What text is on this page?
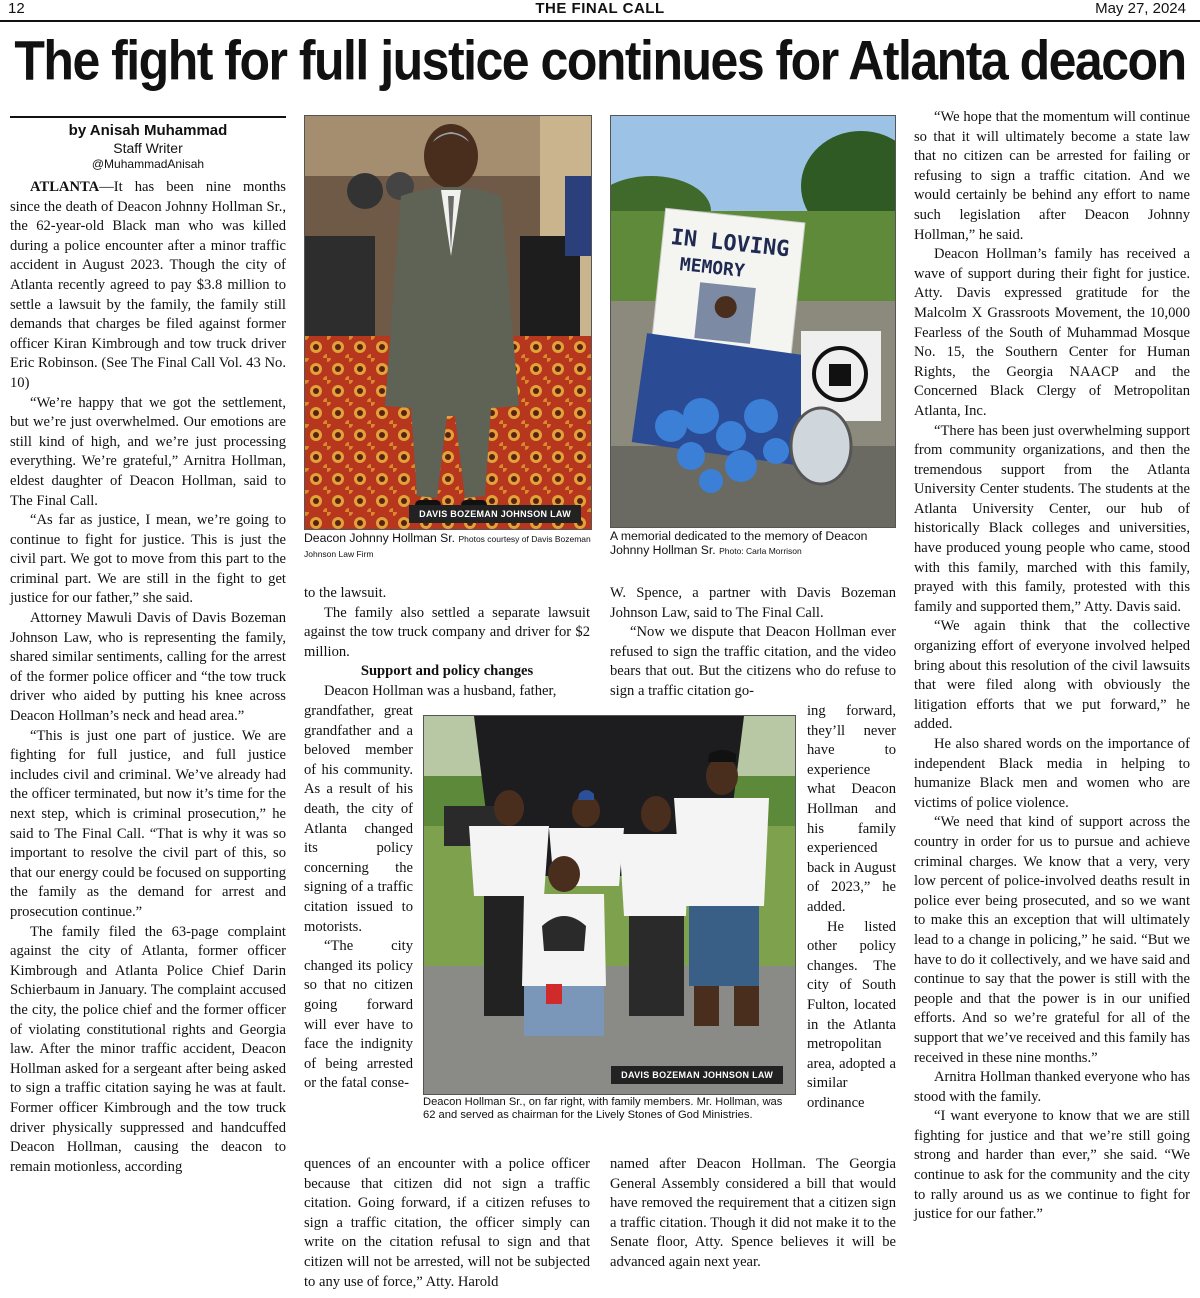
12	THE FINAL CALL	May 27, 2024
The fight for full justice continues for Atlanta deacon
by Anisah Muhammad
Staff Writer
@MuhammadAnisah

ATLANTA—It has been nine months since the death of Deacon Johnny Hollman Sr., the 62-year-old Black man who was killed during a police encounter after a minor traffic accident in August 2023. Though the city of Atlanta recently agreed to pay $3.8 million to settle a lawsuit by the family, the family still demands that charges be filed against former officer Kiran Kimbrough and tow truck driver Eric Robinson. (See The Final Call Vol. 43 No. 10)

“We’re happy that we got the settlement, but we’re just overwhelmed. Our emotions are still kind of high, and we’re just processing everything. We’re grateful,” Arnitra Hollman, eldest daughter of Deacon Hollman, said to The Final Call.

“As far as justice, I mean, we’re going to continue to fight for justice. This is just the civil part. We got to move from this part to the criminal part. We are still in the fight to get justice for our father,” she said.

Attorney Mawuli Davis of Davis Bozeman Johnson Law, who is representing the family, shared similar sentiments, calling for the arrest of the former police officer and “the tow truck driver who aided by putting his knee across Deacon Hollman’s neck and head area.”

“This is just one part of justice. We are fighting for full justice, and full justice includes civil and criminal. We’ve already had the officer terminated, but now it’s time for the next step, which is criminal prosecution,” he said to The Final Call. “That is why it was so important to resolve the civil part of this, so that our energy could be focused on supporting the family as the demand for arrest and prosecution continue.”

The family filed the 63-page complaint against the city of Atlanta, former officer Kimbrough and Atlanta Police Chief Darin Schierbaum in January. The complaint accused the city, the police chief and the former officer of violating constitutional rights and Georgia law. After the minor traffic accident, Deacon Hollman asked for a sergeant after being asked to sign a traffic citation saying he was at fault. Former officer Kimbrough and the tow truck driver physically suppressed and handcuffed Deacon Hollman, causing the deacon to remain motionless, according

DAVIS BOZEMAN JOHNSON LAW
Deacon Johnny Hollman Sr. Photos courtesy of Davis Bozeman Johnson Law Firm
IN LOVING
MEMORY
A memorial dedicated to the memory of Deacon Johnny Hollman Sr. Photo: Carla Morrison

to the lawsuit.

The family also settled a separate lawsuit against the tow truck company and driver for $2 million.

Support and policy changes

Deacon Hollman was a husband, father,

grandfather, great grandfather and a beloved member of his community. As a result of his death, the city of Atlanta changed its policy concerning the signing of a traffic citation issued to motorists.

“The city changed its policy so that no citizen going forward will ever have to face the indignity of being arrested or the fatal conse-

W. Spence, a partner with Davis Bozeman Johnson Law, said to The Final Call.

“Now we dispute that Deacon Hollman ever refused to sign the traffic citation, and the video bears that out. But the citizens who do refuse to sign a traffic citation go-

ing forward, they’ll never have to experience what Deacon Hollman and his family experienced back in August of 2023,” he added.

He listed other policy changes. The city of South Fulton, located in the Atlanta metropolitan area, adopted a similar ordinance

DAVIS BOZEMAN JOHNSON LAW
Deacon Hollman Sr., on far right, with family members. Mr. Hollman, was 62 and served as chairman for the Lively Stones of God Ministries.

quences of an encounter with a police officer because that citizen did not sign a traffic citation. Going forward, if a citizen refuses to sign a traffic citation, the officer simply can write on the citation refusal to sign and that citizen will not be arrested, will not be subjected to any use of force,” Atty. Harold

named after Deacon Hollman. The Georgia General Assembly considered a bill that would have removed the requirement that a citizen sign a traffic citation. Though it did not make it to the Senate floor, Atty. Spence believes it will be advanced again next year.

“We hope that the momentum will continue so that it will ultimately become a state law that no citizen can be arrested for failing or refusing to sign a traffic citation. And we would certainly be behind any effort to name such legislation after Deacon Johnny Hollman,” he said.

Deacon Hollman’s family has received a wave of support during their fight for justice. Atty. Davis expressed gratitude for the Malcolm X Grassroots Movement, the 10,000 Fearless of the South of Muhammad Mosque No. 15, the Southern Center for Human Rights, the Georgia NAACP and the Concerned Black Clergy of Metropolitan Atlanta, Inc.

“There has been just overwhelming support from community organizations, and then the tremendous support from the Atlanta University Center students. The students at the Atlanta University Center, our hub of historically Black colleges and universities, have produced young people who came, stood with this family, marched with this family, prayed with this family, protested with this family and supported them,” Atty. Davis said.

“We again think that the collective organizing effort of everyone involved helped bring about this resolution of the civil lawsuits that were filed along with obviously the litigation efforts that we put forward,” he added.

He also shared words on the importance of independent Black media in helping to humanize Black men and women who are victims of police violence.

“We need that kind of support across the country in order for us to pursue and achieve criminal charges. We know that a very, very low percent of police-involved deaths result in police ever being prosecuted, and so we want to make this an exception that will ultimately lead to a change in policing,” he said. “But we have to do it collectively, and we have said and continue to say that the power is still with the people and that the power is in our unified efforts. And so we’re grateful for all of the support that we’ve received and this family has received in these nine months.”

Arnitra Hollman thanked everyone who has stood with the family.

“I want everyone to know that we are still fighting for justice and that we’re still going strong and harder than ever,” she said. “We continue to ask for the community and the city to rally around us as we continue to fight for justice for our father.”
